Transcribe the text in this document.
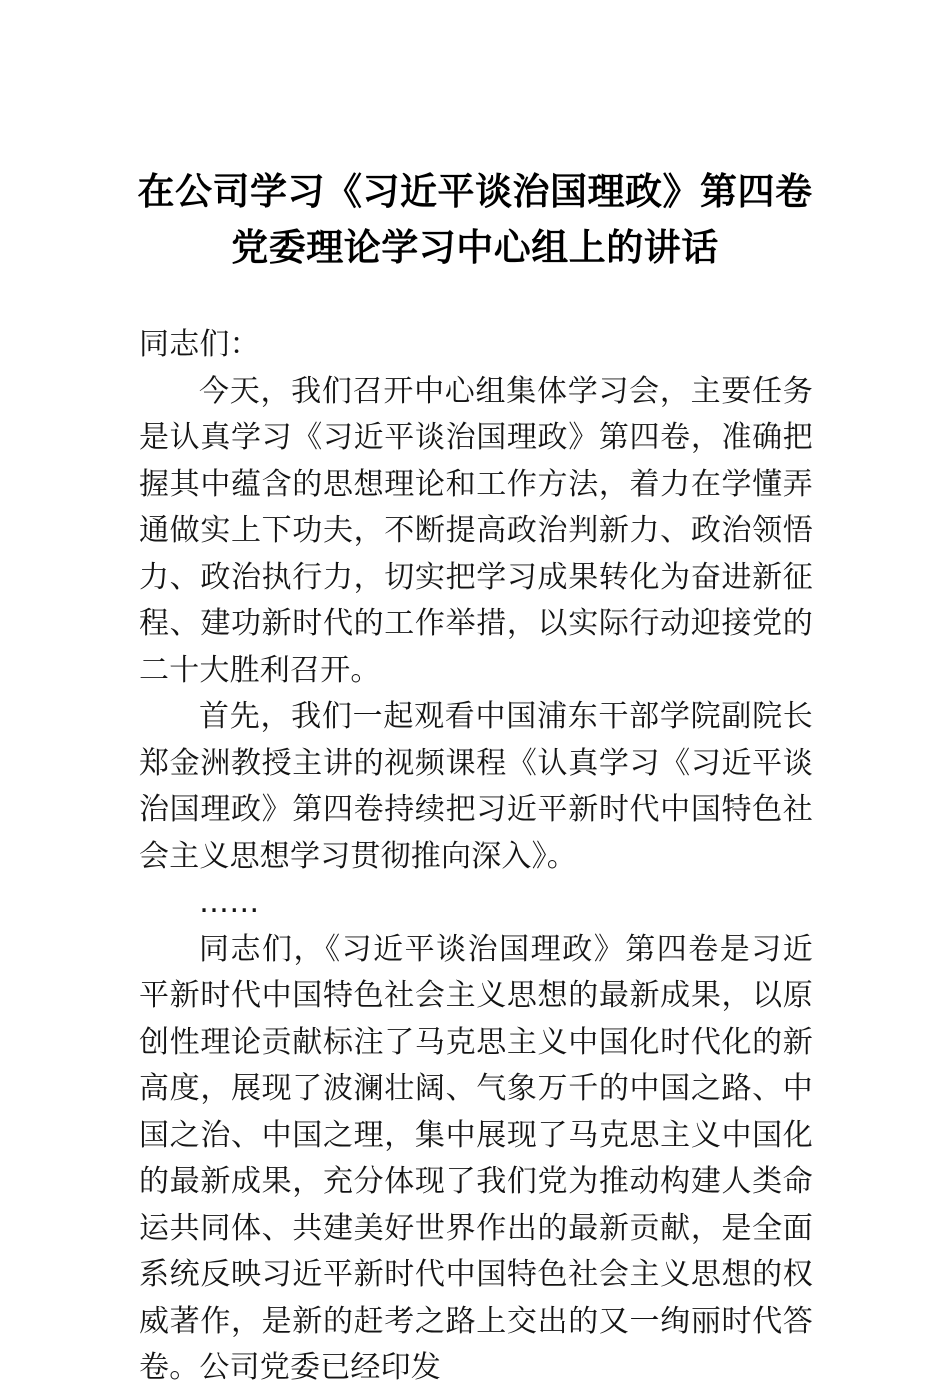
在公司学习《习近平谈治国理政》第四卷
党委理论学习中心组上的讲话

同志们：

今天，我们召开中心组集体学习会，主要任务是认真学习《习近平谈治国理政》第四卷，准确把握其中蕴含的思想理论和工作方法，着力在学懂弄通做实上下功夫，不断提高政治判新力、政治领悟力、政治执行力，切实把学习成果转化为奋进新征程、建功新时代的工作举措，以实际行动迎接党的二十大胜利召开。

首先，我们一起观看中国浦东干部学院副院长郑金洲教授主讲的视频课程《认真学习《习近平谈治国理政》第四卷持续把习近平新时代中国特色社会主义思想学习贯彻推向深入》。

……

同志们，《习近平谈治国理政》第四卷是习近平新时代中国特色社会主义思想的最新成果，以原创性理论贡献标注了马克思主义中国化时代化的新高度，展现了波澜壮阔、气象万千的中国之路、中国之治、中国之理，集中展现了马克思主义中国化的最新成果，充分体现了我们党为推动构建人类命运共同体、共建美好世界作出的最新贡献，是全面系统反映习近平新时代中国特色社会主义思想的权威著作，是新的赶考之路上交出的又一绚丽时代答卷。公司党委已经印发
